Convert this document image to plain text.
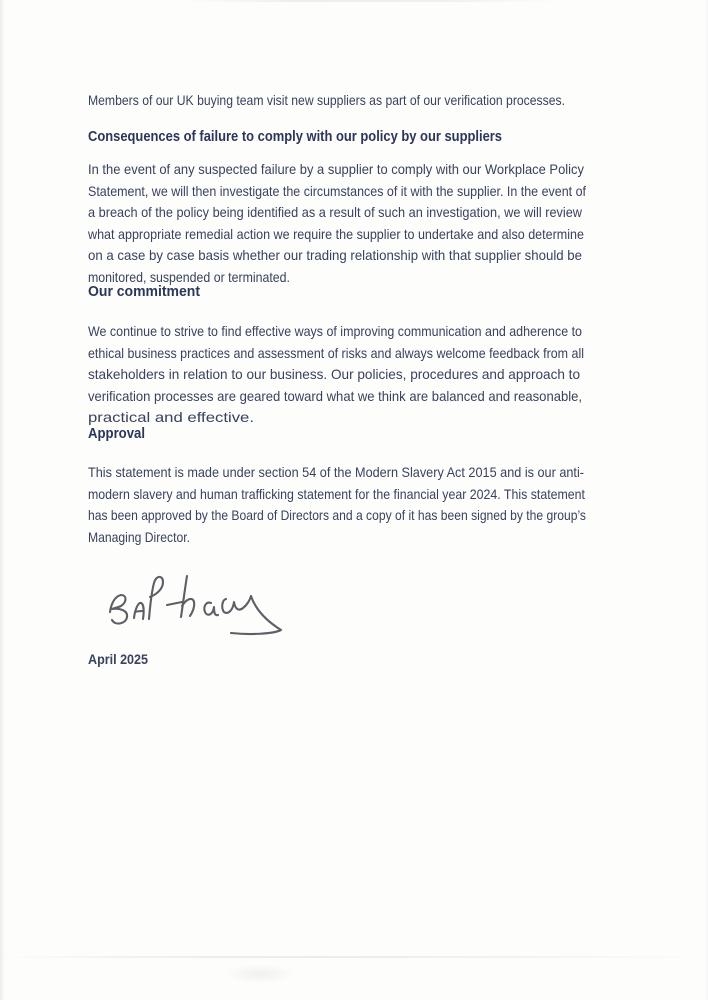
Members of our UK buying team visit new suppliers as part of our verification processes.
Consequences of failure to comply with our policy by our suppliers
In the event of any suspected failure by a supplier to comply with our Workplace Policy
Statement, we will then investigate the circumstances of it with the supplier. In the event of
a breach of the policy being identified as a result of such an investigation, we will review
what appropriate remedial action we require the supplier to undertake and also determine
on a case by case basis whether our trading relationship with that supplier should be
monitored, suspended or terminated.
Our commitment
We continue to strive to find effective ways of improving communication and adherence to
ethical business practices and assessment of risks and always welcome feedback from all
stakeholders in relation to our business. Our policies, procedures and approach to
verification processes are geared toward what we think are balanced and reasonable,
practical and effective.
Approval
This statement is made under section 54 of the Modern Slavery Act 2015 and is our anti-
modern slavery and human trafficking statement for the financial year 2024. This statement
has been approved by the Board of Directors and a copy of it has been signed by the group’s
Managing Director.
April 2025
